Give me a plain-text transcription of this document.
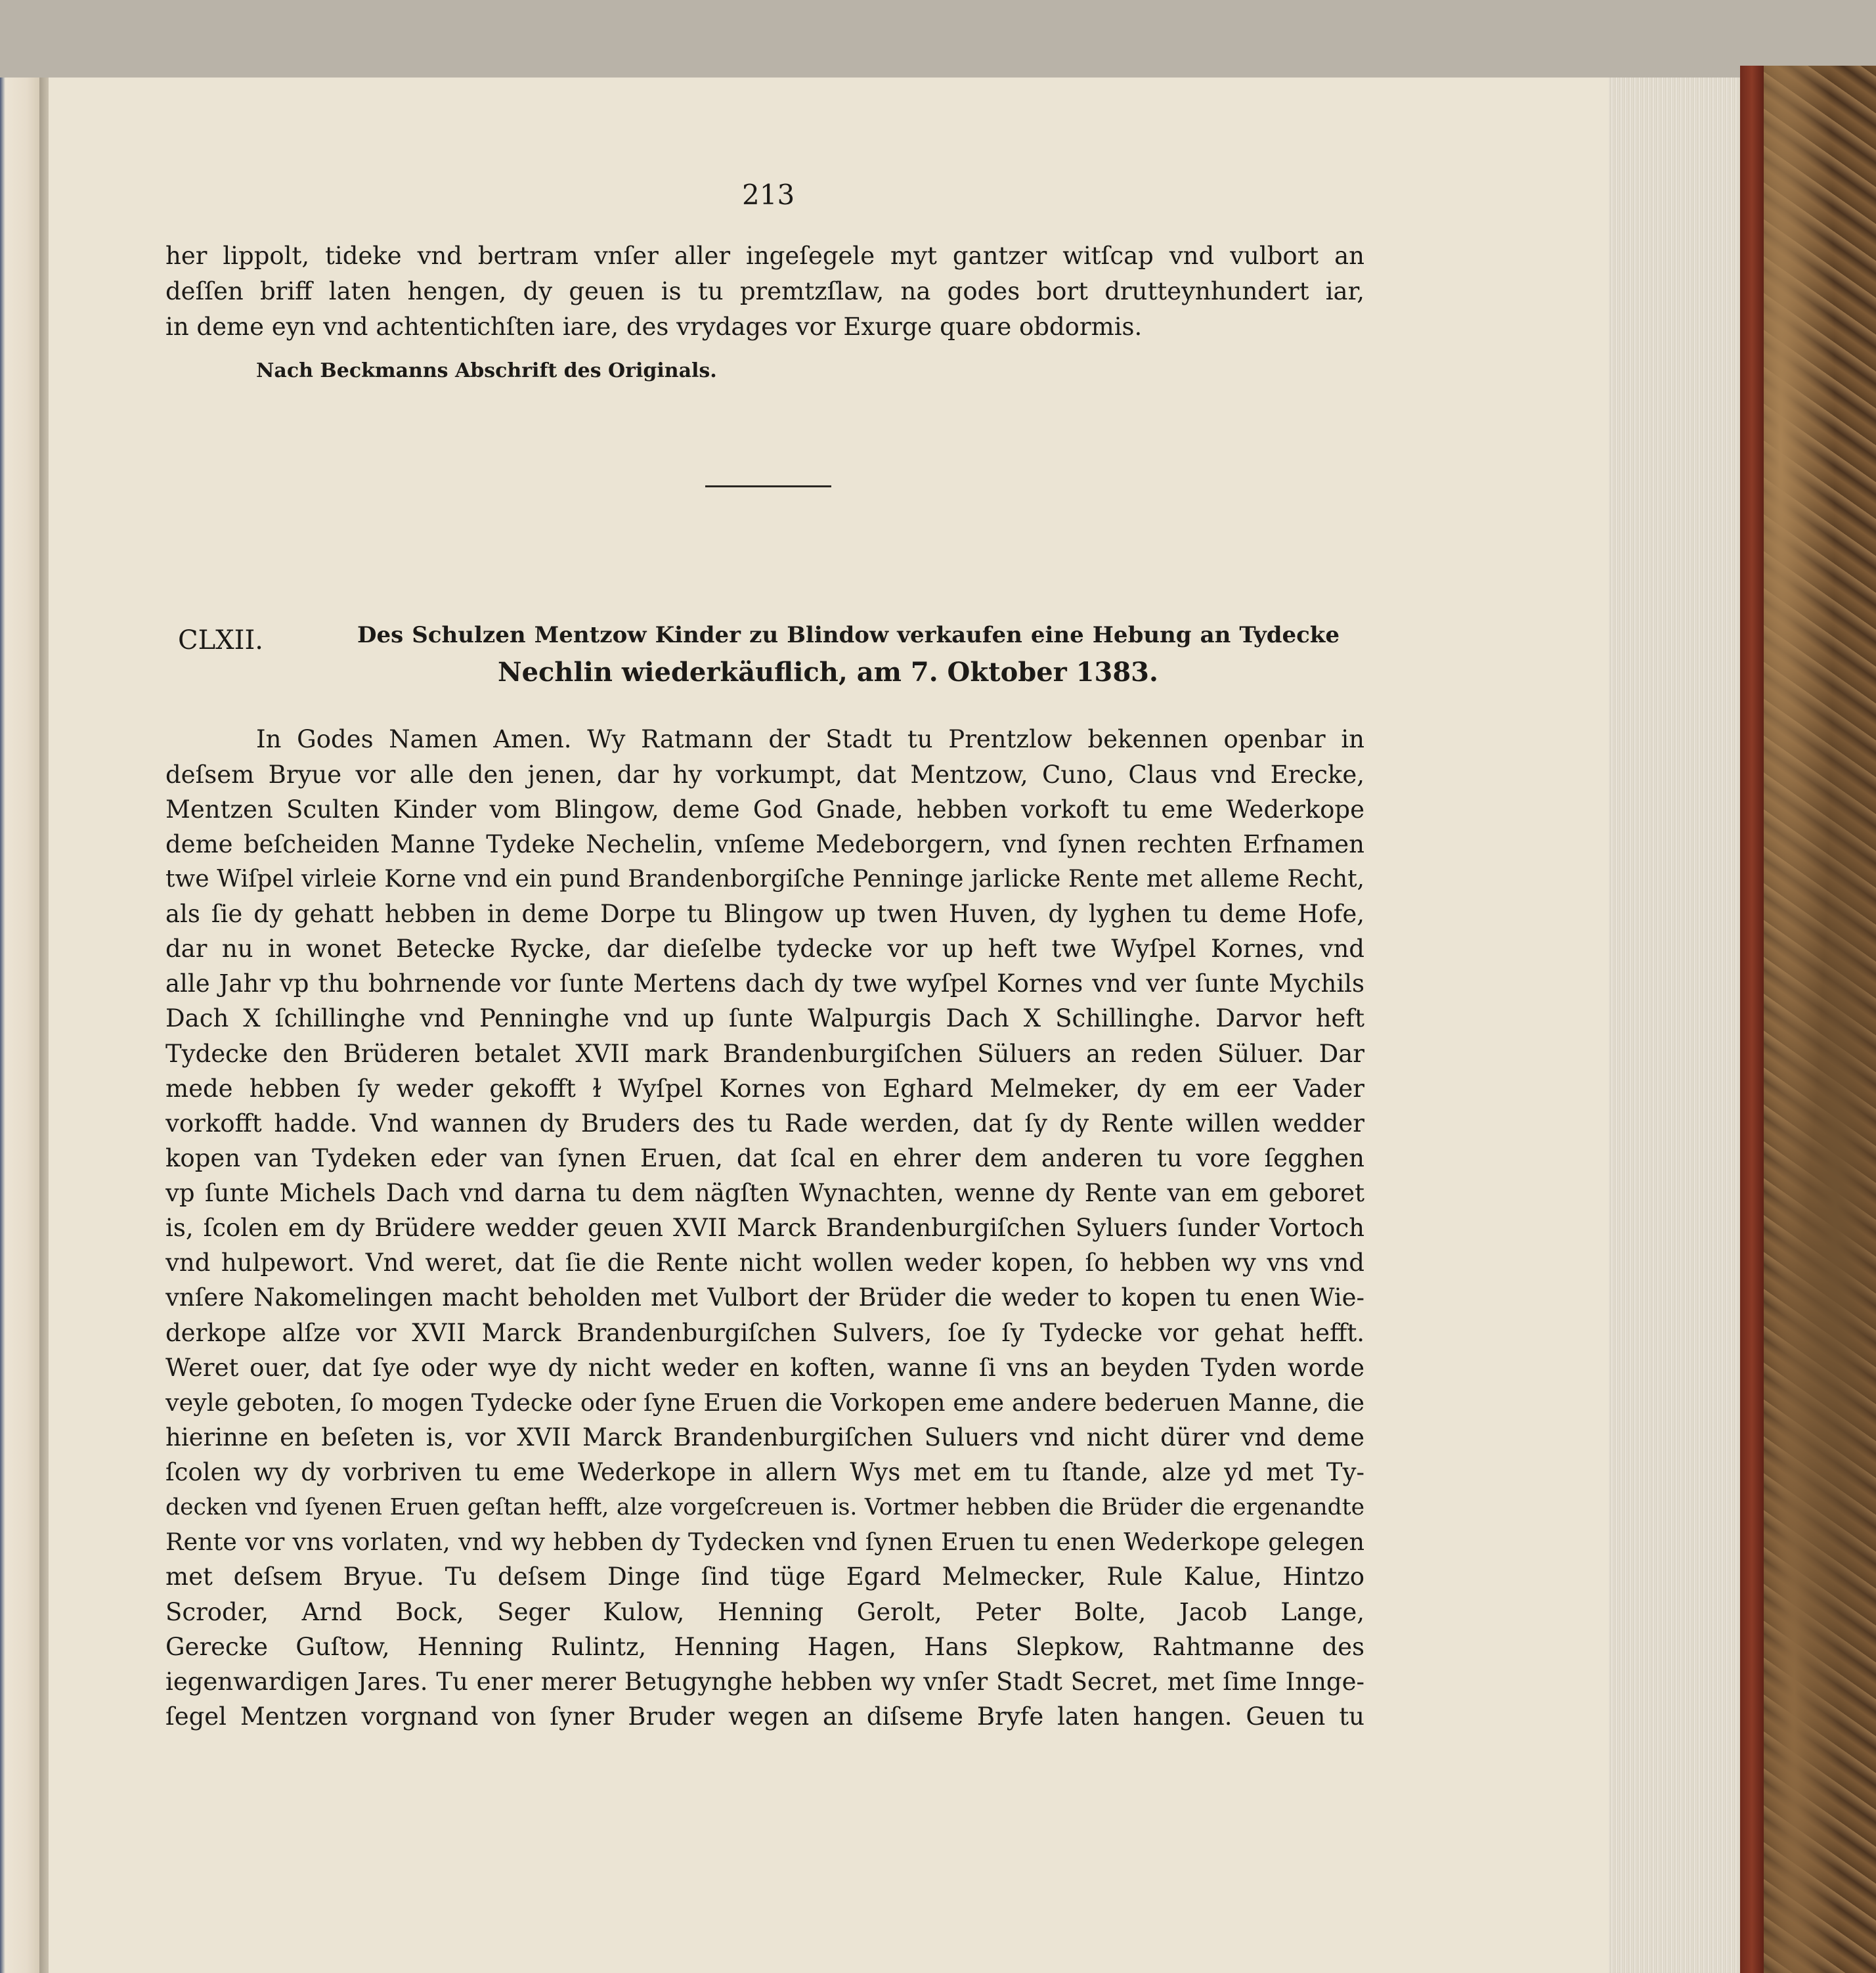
213
her lippolt, tideke vnd bertram vnſer aller ingeſegele myt gantzer witſcap vnd vulbort an
deſſen briff laten hengen, dy geuen is tu premtzſlaw, na godes bort drutteynhundert iar,
in deme eyn vnd achtentichſten iare, des vrydages vor Exurge quare obdormis.
Nach Beckmanns Abschrift des Originals.
CLXII.	Des Schulzen Mentzow Kinder zu Blindow verkaufen eine Hebung an Tydecke
Nechlin wiederkäuflich, am 7. Oktober 1383.
In Godes Namen Amen. Wy Ratmann der Stadt tu Prentzlow bekennen openbar in
deſsem Bryue vor alle den jenen, dar hy vorkumpt, dat Mentzow, Cuno, Claus vnd Erecke,
Mentzen Sculten Kinder vom Blingow, deme God Gnade, hebben vorkoft tu eme Wederkope
deme beſcheiden Manne Tydeke Nechelin, vnſeme Medeborgern, vnd ſynen rechten Erfnamen
twe Wiſpel virleie Korne vnd ein pund Brandenborgiſche Penninge jarlicke Rente met alleme Recht,
als ſie dy gehatt hebben in deme Dorpe tu Blingow up twen Huven, dy lyghen tu deme Hofe,
dar nu in wonet Betecke Rycke, dar dieſelbe tydecke vor up heft twe Wyſpel Kornes, vnd
alle Jahr vp thu bohrnende vor ſunte Mertens dach dy twe wyſpel Kornes vnd ver ſunte Mychils
Dach X ſchillinghe vnd Penninghe vnd up ſunte Walpurgis Dach X Schillinghe. Darvor heft
Tydecke den Brüderen betalet XVII mark Brandenburgiſchen Süluers an reden Süluer. Dar
mede hebben ſy weder gekofft ɫ Wyſpel Kornes von Eghard Melmeker, dy em eer Vader
vorkofft hadde. Vnd wannen dy Bruders des tu Rade werden, dat ſy dy Rente willen wedder
kopen van Tydeken eder van ſynen Eruen, dat ſcal en ehrer dem anderen tu vore ſegghen
vp ſunte Michels Dach vnd darna tu dem nägſten Wynachten, wenne dy Rente van em geboret
is, ſcolen em dy Brüdere wedder geuen XVII Marck Brandenburgiſchen Syluers ſunder Vortoch
vnd hulpewort. Vnd weret, dat ſie die Rente nicht wollen weder kopen, ſo hebben wy vns vnd
vnſere Nakomelingen macht beholden met Vulbort der Brüder die weder to kopen tu enen Wie-
derkope alſze vor XVII Marck Brandenburgiſchen Sulvers, ſoe ſy Tydecke vor gehat hefft.
Weret ouer, dat ſye oder wye dy nicht weder en koften, wanne ſi vns an beyden Tyden worde
veyle geboten, ſo mogen Tydecke oder ſyne Eruen die Vorkopen eme andere bederuen Manne, die
hierinne en beſeten is, vor XVII Marck Brandenburgiſchen Suluers vnd nicht dürer vnd deme
ſcolen wy dy vorbriven tu eme Wederkope in allern Wys met em tu ſtande, alze yd met Ty-
decken vnd ſyenen Eruen geſtan hefft, alze vorgeſcreuen is. Vortmer hebben die Brüder die ergenandte
Rente vor vns vorlaten, vnd wy hebben dy Tydecken vnd ſynen Eruen tu enen Wederkope gelegen
met deſsem Bryue. Tu deſsem Dinge ſind tüge Egard Melmecker, Rule Kalue, Hintzo
Scroder, Arnd Bock, Seger Kulow, Henning Gerolt, Peter Bolte, Jacob Lange,
Gerecke Guſtow, Henning Rulintz, Henning Hagen, Hans Slepkow, Rahtmanne des
iegenwardigen Jares. Tu ener merer Betugynghe hebben wy vnſer Stadt Secret, met ſime Innge-
ſegel Mentzen vorgnand von ſyner Bruder wegen an diſseme Bryfe laten hangen. Geuen tu
